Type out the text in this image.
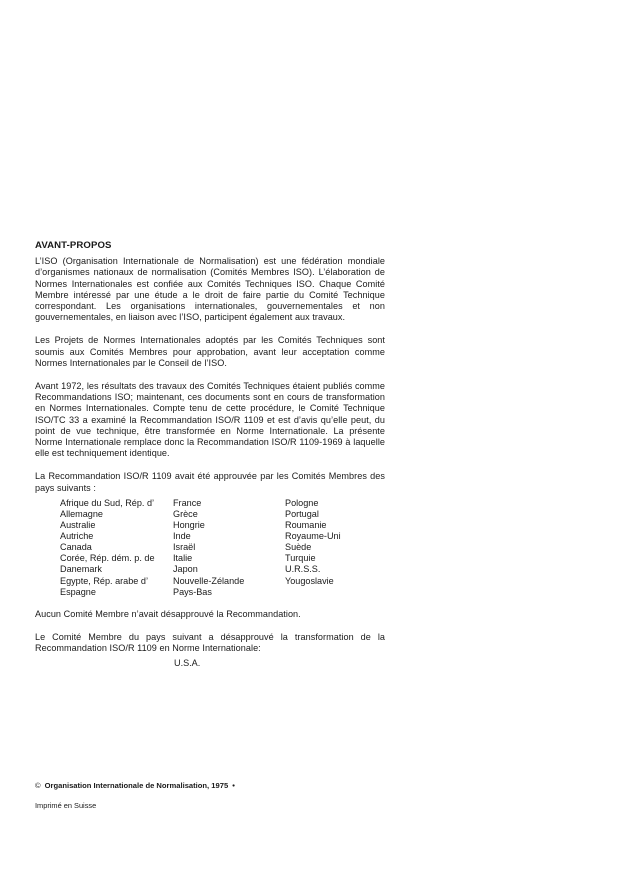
AVANT-PROPOS

L’ISO (Organisation Internationale de Normalisation) est une fédération mondiale d’organismes nationaux de normalisation (Comités Membres ISO). L’élaboration de Normes Internationales est confiée aux Comités Techniques ISO. Chaque Comité Membre intéressé par une étude a le droit de faire partie du Comité Technique correspondant. Les organisations internationales, gouvernementales et non gouvernementales, en liaison avec l’ISO, participent également aux travaux.

Les Projets de Normes Internationales adoptés par les Comités Techniques sont soumis aux Comités Membres pour approbation, avant leur acceptation comme Normes Internationales par le Conseil de l’ISO.

Avant 1972, les résultats des travaux des Comités Techniques étaient publiés comme Recommandations ISO; maintenant, ces documents sont en cours de transformation en Normes Internationales. Compte tenu de cette procédure, le Comité Technique ISO/TC 33 a examiné la Recommandation ISO/R 1109 et est d’avis qu’elle peut, du point de vue technique, être transformée en Norme Internationale. La présente Norme Internationale remplace donc la Recommandation ISO/R 1109-1969 à laquelle elle est techniquement identique.

La Recommandation ISO/R 1109 avait été approuvée par les Comités Membres des pays suivants :

Afrique du Sud, Rép. d’
Allemagne
Australie
Autriche
Canada
Corée, Rép. dém. p. de
Danemark
Egypte, Rép. arabe d’
Espagne
France
Grèce
Hongrie
Inde
Israël
Italie
Japon
Nouvelle-Zélande
Pays-Bas
Pologne
Portugal
Roumanie
Royaume-Uni
Suède
Turquie
U.R.S.S.
Yougoslavie

Aucun Comité Membre n’avait désapprouvé la Recommandation.

Le Comité Membre du pays suivant a désapprouvé la transformation de la Recommandation ISO/R 1109 en Norme Internationale:

U.S.A.
© Organisation Internationale de Normalisation, 1975 •
Imprimé en Suisse
